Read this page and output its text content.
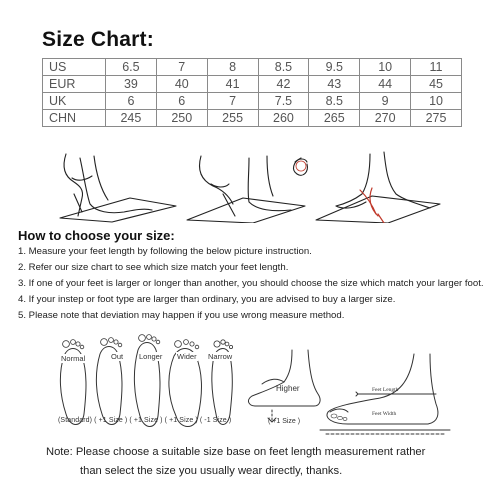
Size Chart:
US	6.5	7	8	8.5	9.5	10	11
EUR	39	40	41	42	43	44	45
UK	6	6	7	7.5	8.5	9	10
CHN	245	250	255	260	265	270	275
How to choose your size:
1. Measure your feet length by following the below picture instruction.
2. Refer our size chart to see which size match your feet length.
3. If one of your feet is larger or longer than another, you should choose the size which match your larger foot.
4. If your instep or foot type are larger than ordinary, you are advised to buy a larger size.
5. Please note that deviation may happen if you use wrong measure method.
Normal	Out Longer Wider Narrow
(Standard) ( +1 Size ) ( +1 Size ) ( +1 Size ) ( -1 Size )
Higher
( +1 Size )
Feet Length
Feet Width
Note: Please choose a suitable size base on feet length measurement rather
than select the size you usually wear directly, thanks.
